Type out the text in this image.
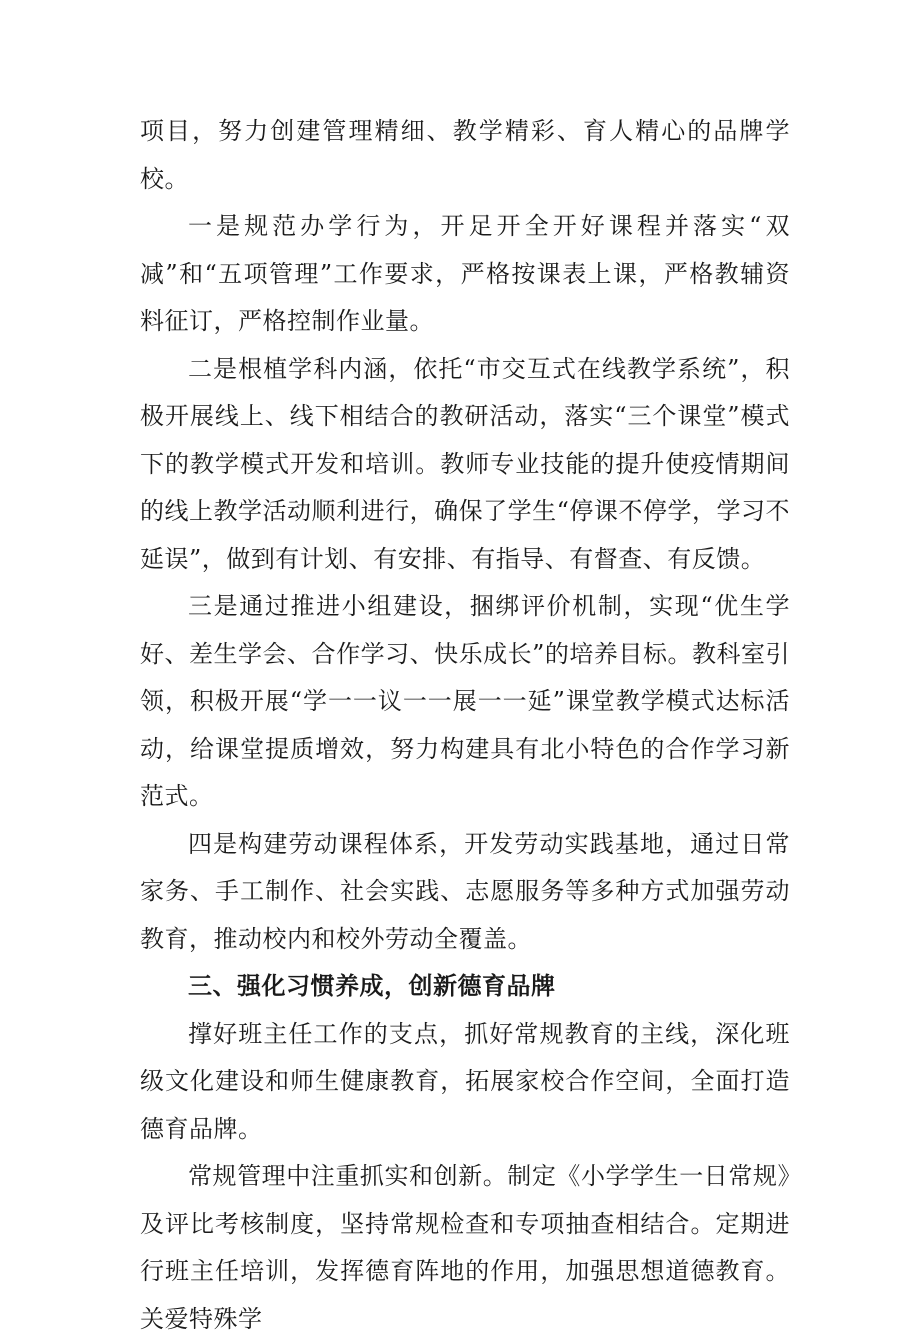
项目，努力创建管理精细、教学精彩、育人精心的品牌学校。

一是规范办学行为，开足开全开好课程并落实“双减”和“五项管理”工作要求，严格按课表上课，严格教辅资料征订，严格控制作业量。

二是根植学科内涵，依托“市交互式在线教学系统”，积极开展线上、线下相结合的教研活动，落实“三个课堂”模式下的教学模式开发和培训。教师专业技能的提升使疫情期间的线上教学活动顺利进行，确保了学生“停课不停学，学习不延误”，做到有计划、有安排、有指导、有督查、有反馈。

三是通过推进小组建设，捆绑评价机制，实现“优生学好、差生学会、合作学习、快乐成长”的培养目标。教科室引领，积极开展“学一一议一一展一一延”课堂教学模式达标活动，给课堂提质增效，努力构建具有北小特色的合作学习新范式。

四是构建劳动课程体系，开发劳动实践基地，通过日常家务、手工制作、社会实践、志愿服务等多种方式加强劳动教育，推动校内和校外劳动全覆盖。

三、强化习惯养成，创新德育品牌

撑好班主任工作的支点，抓好常规教育的主线，深化班级文化建设和师生健康教育，拓展家校合作空间，全面打造德育品牌。

常规管理中注重抓实和创新。制定《小学学生一日常规》及评比考核制度，坚持常规检查和专项抽查相结合。定期进行班主任培训，发挥德育阵地的作用，加强思想道德教育。关爱特殊学
